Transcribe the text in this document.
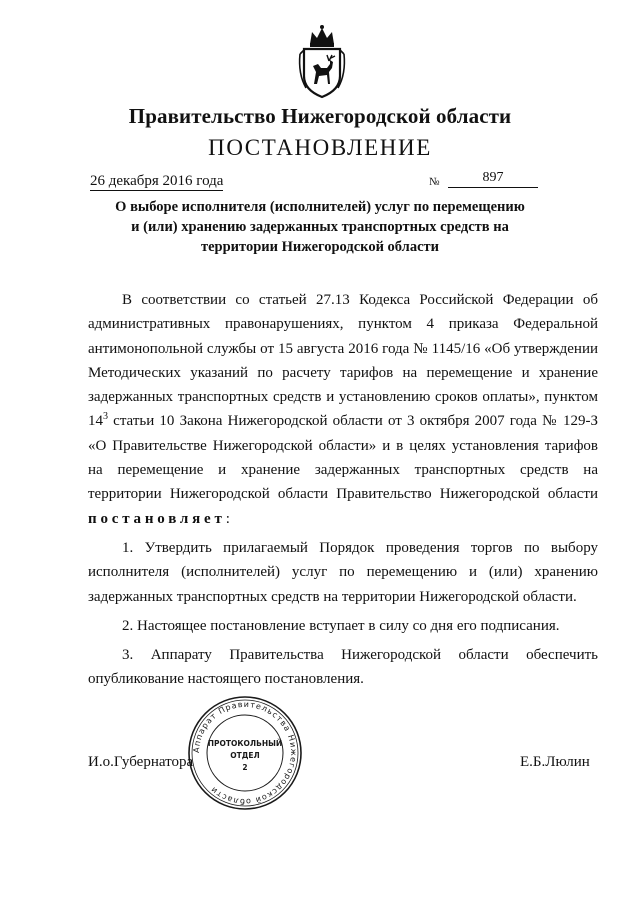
Правительство Нижегородской области
ПОСТАНОВЛЕНИЕ
26 декабря 2016 года	№	897
О выборе исполнителя (исполнителей) услуг по перемещению
и (или) хранению задержанных транспортных средств на
территории Нижегородской области

В соответствии со статьей 27.13 Кодекса Российской Федерации об административных правонарушениях, пунктом 4 приказа Федеральной антимонопольной службы от 15 августа 2016 года № 1145/16 «Об утверждении Методических указаний по расчету тарифов на перемещение и хранение задержанных транспортных средств и установлению сроков оплаты», пунктом $14^3$ статьи 10 Закона Нижегородской области от 3 октября 2007 года № 129-З «О Правительстве Нижегородской области» и в целях установления тарифов на перемещение и хранение задержанных транспортных средств на территории Нижегородской области Правительство Нижегородской области постановляет:

1. Утвердить прилагаемый Порядок проведения торгов по выбору исполнителя (исполнителей) услуг по перемещению и (или) хранению задержанных транспортных средств на территории Нижегородской области.

2. Настоящее постановление вступает в силу со дня его подписания.

3. Аппарату Правительства Нижегородской области обеспечить опубликование настоящего постановления.

Аппарат Правительства Нижегородской области
ПРОТОКОЛЬНЫЙ
ОТДЕЛ
2
И.о.Губернатора	Е.Б.Люлин
